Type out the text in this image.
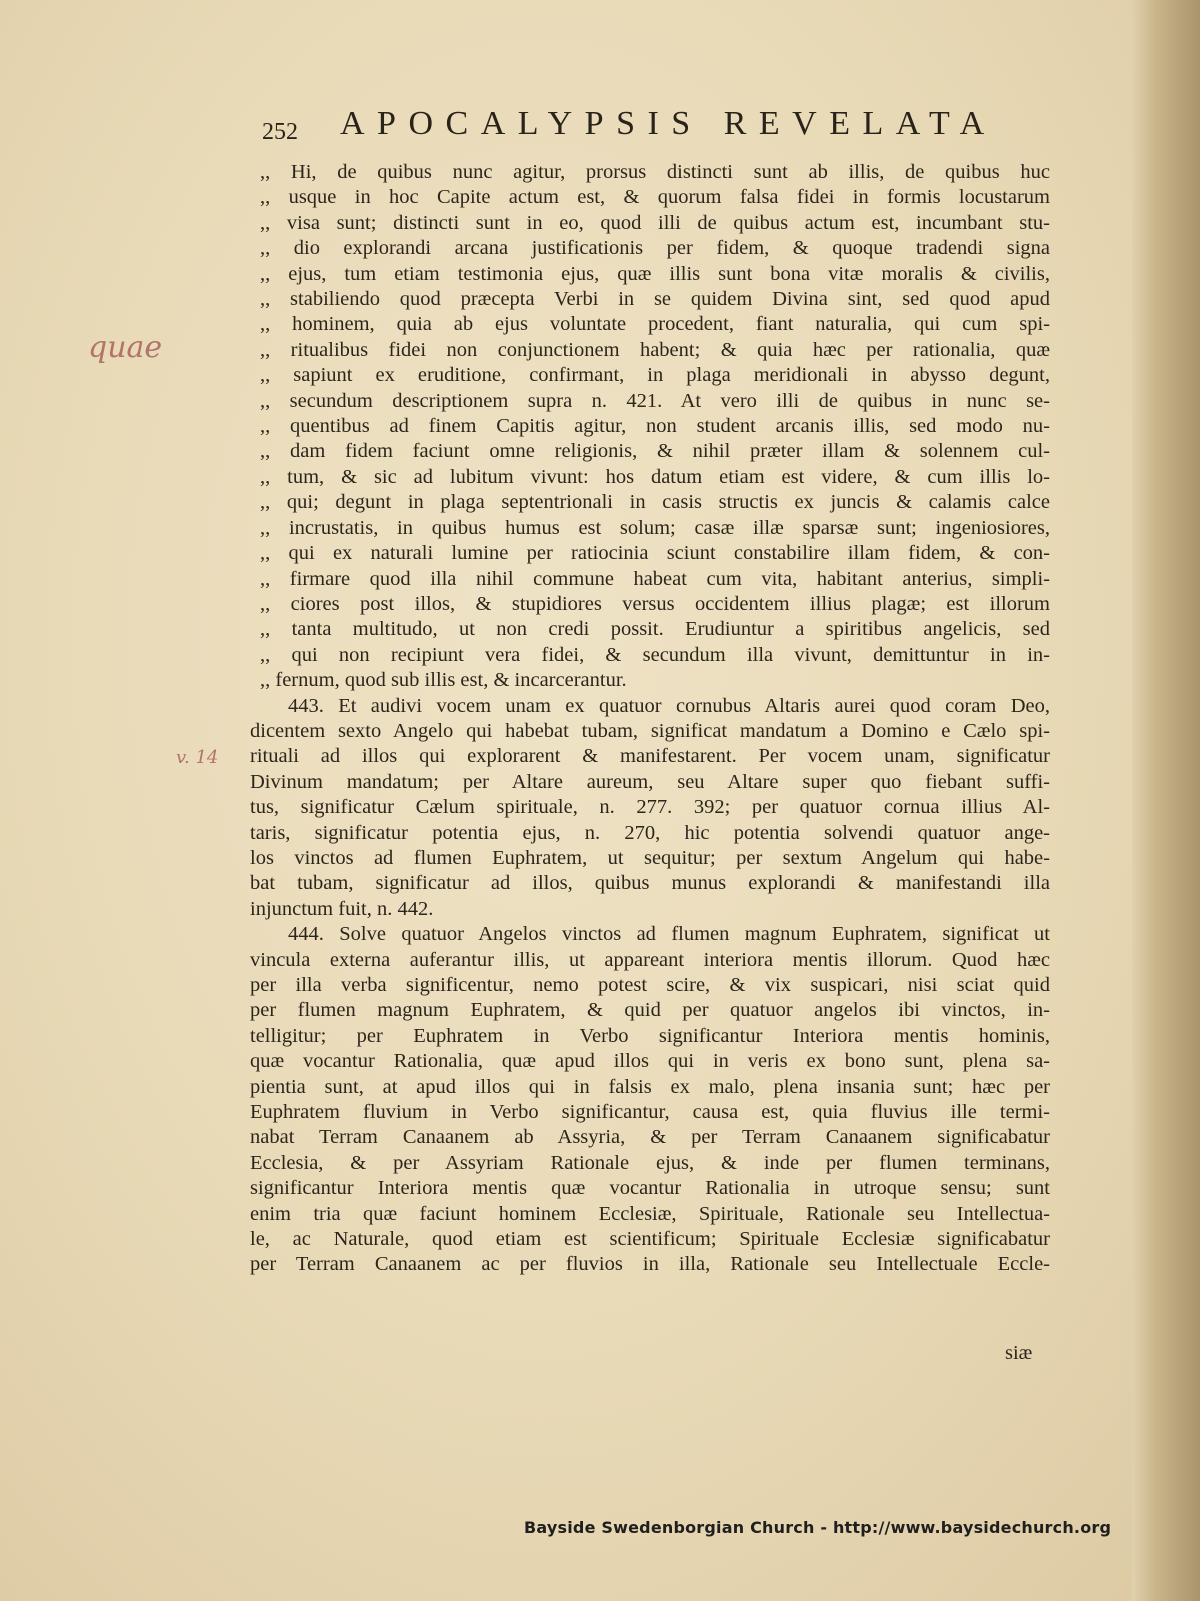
252 APOCALYPSIS REVELATA
quae
v. 14
,, Hi, de quibus nunc agitur, prorsus distincti sunt ab illis, de quibus huc
,, usque in hoc Capite actum est, & quorum falsa fidei in formis locustarum
,, visa sunt; distincti sunt in eo, quod illi de quibus actum est, incumbant stu-
,, dio explorandi arcana justificationis per fidem, & quoque tradendi signa
,, ejus, tum etiam testimonia ejus, quæ illis sunt bona vitæ moralis & civilis,
,, stabiliendo quod præcepta Verbi in se quidem Divina sint, sed quod apud
,, hominem, quia ab ejus voluntate procedent, fiant naturalia, qui cum spi-
,, ritualibus fidei non conjunctionem habent; & quia hæc per rationalia, quæ
,, sapiunt ex eruditione, confirmant, in plaga meridionali in abysso degunt,
,, secundum descriptionem supra n. 421. At vero illi de quibus in nunc se-
,, quentibus ad finem Capitis agitur, non student arcanis illis, sed modo nu-
,, dam fidem faciunt omne religionis, & nihil præter illam & solennem cul-
,, tum, & sic ad lubitum vivunt: hos datum etiam est videre, & cum illis lo-
,, qui; degunt in plaga septentrionali in casis structis ex juncis & calamis calce
,, incrustatis, in quibus humus est solum; casæ illæ sparsæ sunt; ingeniosiores,
,, qui ex naturali lumine per ratiocinia sciunt constabilire illam fidem, & con-
,, firmare quod illa nihil commune habeat cum vita, habitant anterius, simpli-
,, ciores post illos, & stupidiores versus occidentem illius plagæ; est illorum
,, tanta multitudo, ut non credi possit. Erudiuntur a spiritibus angelicis, sed
,, qui non recipiunt vera fidei, & secundum illa vivunt, demittuntur in in-
,, fernum, quod sub illis est, & incarcerantur.
443. Et audivi vocem unam ex quatuor cornubus Altaris aurei quod coram Deo,
dicentem sexto Angelo qui habebat tubam, significat mandatum a Domino e Cælo spi-
rituali ad illos qui explorarent & manifestarent. Per vocem unam, significatur
Divinum mandatum; per Altare aureum, seu Altare super quo fiebant suffi-
tus, significatur Cælum spirituale, n. 277. 392; per quatuor cornua illius Al-
taris, significatur potentia ejus, n. 270, hic potentia solvendi quatuor ange-
los vinctos ad flumen Euphratem, ut sequitur; per sextum Angelum qui habe-
bat tubam, significatur ad illos, quibus munus explorandi & manifestandi illa
injunctum fuit, n. 442.
444. Solve quatuor Angelos vinctos ad flumen magnum Euphratem, significat ut
vincula externa auferantur illis, ut appareant interiora mentis illorum. Quod hæc
per illa verba significentur, nemo potest scire, & vix suspicari, nisi sciat quid
per flumen magnum Euphratem, & quid per quatuor angelos ibi vinctos, in-
telligitur; per Euphratem in Verbo significantur Interiora mentis hominis,
quæ vocantur Rationalia, quæ apud illos qui in veris ex bono sunt, plena sa-
pientia sunt, at apud illos qui in falsis ex malo, plena insania sunt; hæc per
Euphratem fluvium in Verbo significantur, causa est, quia fluvius ille termi-
nabat Terram Canaanem ab Assyria, & per Terram Canaanem significabatur
Ecclesia, & per Assyriam Rationale ejus, & inde per flumen terminans,
significantur Interiora mentis quæ vocantur Rationalia in utroque sensu; sunt
enim tria quæ faciunt hominem Ecclesiæ, Spirituale, Rationale seu Intellectua-
le, ac Naturale, quod etiam est scientificum; Spirituale Ecclesiæ significabatur
per Terram Canaanem ac per fluvios in illa, Rationale seu Intellectuale Eccle-
siæ
Bayside Swedenborgian Church - http://www.baysidechurch.org
